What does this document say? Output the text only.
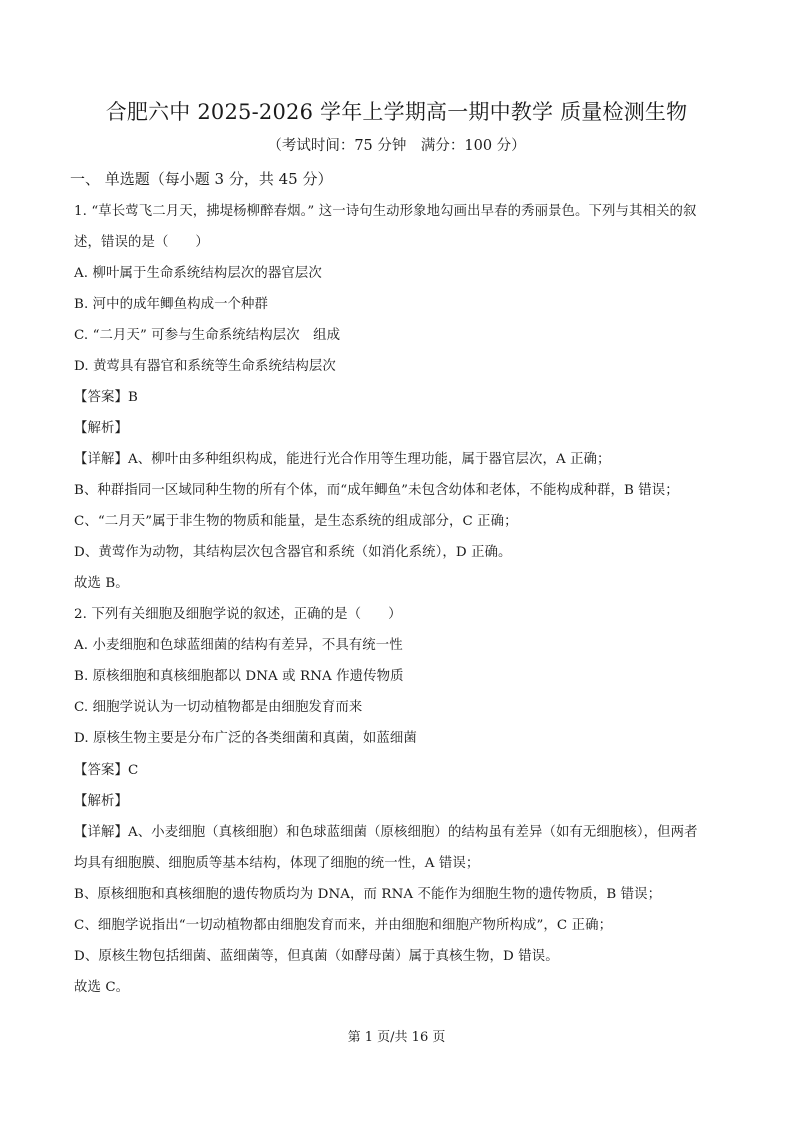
合肥六中 2025-2026 学年上学期高一期中教学 质量检测生物
（考试时间：75 分钟　满分：100 分）
一、 单选题（每小题 3 分，共 45 分）
1. “草长莺飞二月天，拂堤杨柳醉春烟。” 这一诗句生动形象地勾画出早春的秀丽景色。下列与其相关的叙
述，错误的是（　　）
A. 柳叶属于生命系统结构层次的器官层次
B. 河中的成年鲫鱼构成一个种群
C. “二月天” 可参与生命系统结构层次　组成
D. 黄莺具有器官和系统等生命系统结构层次
【答案】B
【解析】
【详解】A、柳叶由多种组织构成，能进行光合作用等生理功能，属于器官层次，A 正确；
B、种群指同一区域同种生物的所有个体，而“成年鲫鱼”未包含幼体和老体，不能构成种群，B 错误；
C、“二月天”属于非生物的物质和能量，是生态系统的组成部分，C 正确；
D、黄莺作为动物，其结构层次包含器官和系统（如消化系统），D 正确。
故选 B。
2. 下列有关细胞及细胞学说的叙述，正确的是（　　）
A. 小麦细胞和色球蓝细菌的结构有差异，不具有统一性
B. 原核细胞和真核细胞都以 DNA 或 RNA 作遗传物质
C. 细胞学说认为一切动植物都是由细胞发育而来
D. 原核生物主要是分布广泛的各类细菌和真菌，如蓝细菌
【答案】C
【解析】
【详解】A、小麦细胞（真核细胞）和色球蓝细菌（原核细胞）的结构虽有差异（如有无细胞核），但两者
均具有细胞膜、细胞质等基本结构，体现了细胞的统一性，A 错误；
B、原核细胞和真核细胞的遗传物质均为 DNA，而 RNA 不能作为细胞生物的遗传物质，B 错误；
C、细胞学说指出“一切动植物都由细胞发育而来，并由细胞和细胞产物所构成”，C 正确；
D、原核生物包括细菌、蓝细菌等，但真菌（如酵母菌）属于真核生物，D 错误。
故选 C。
第 1 页/共 16 页
